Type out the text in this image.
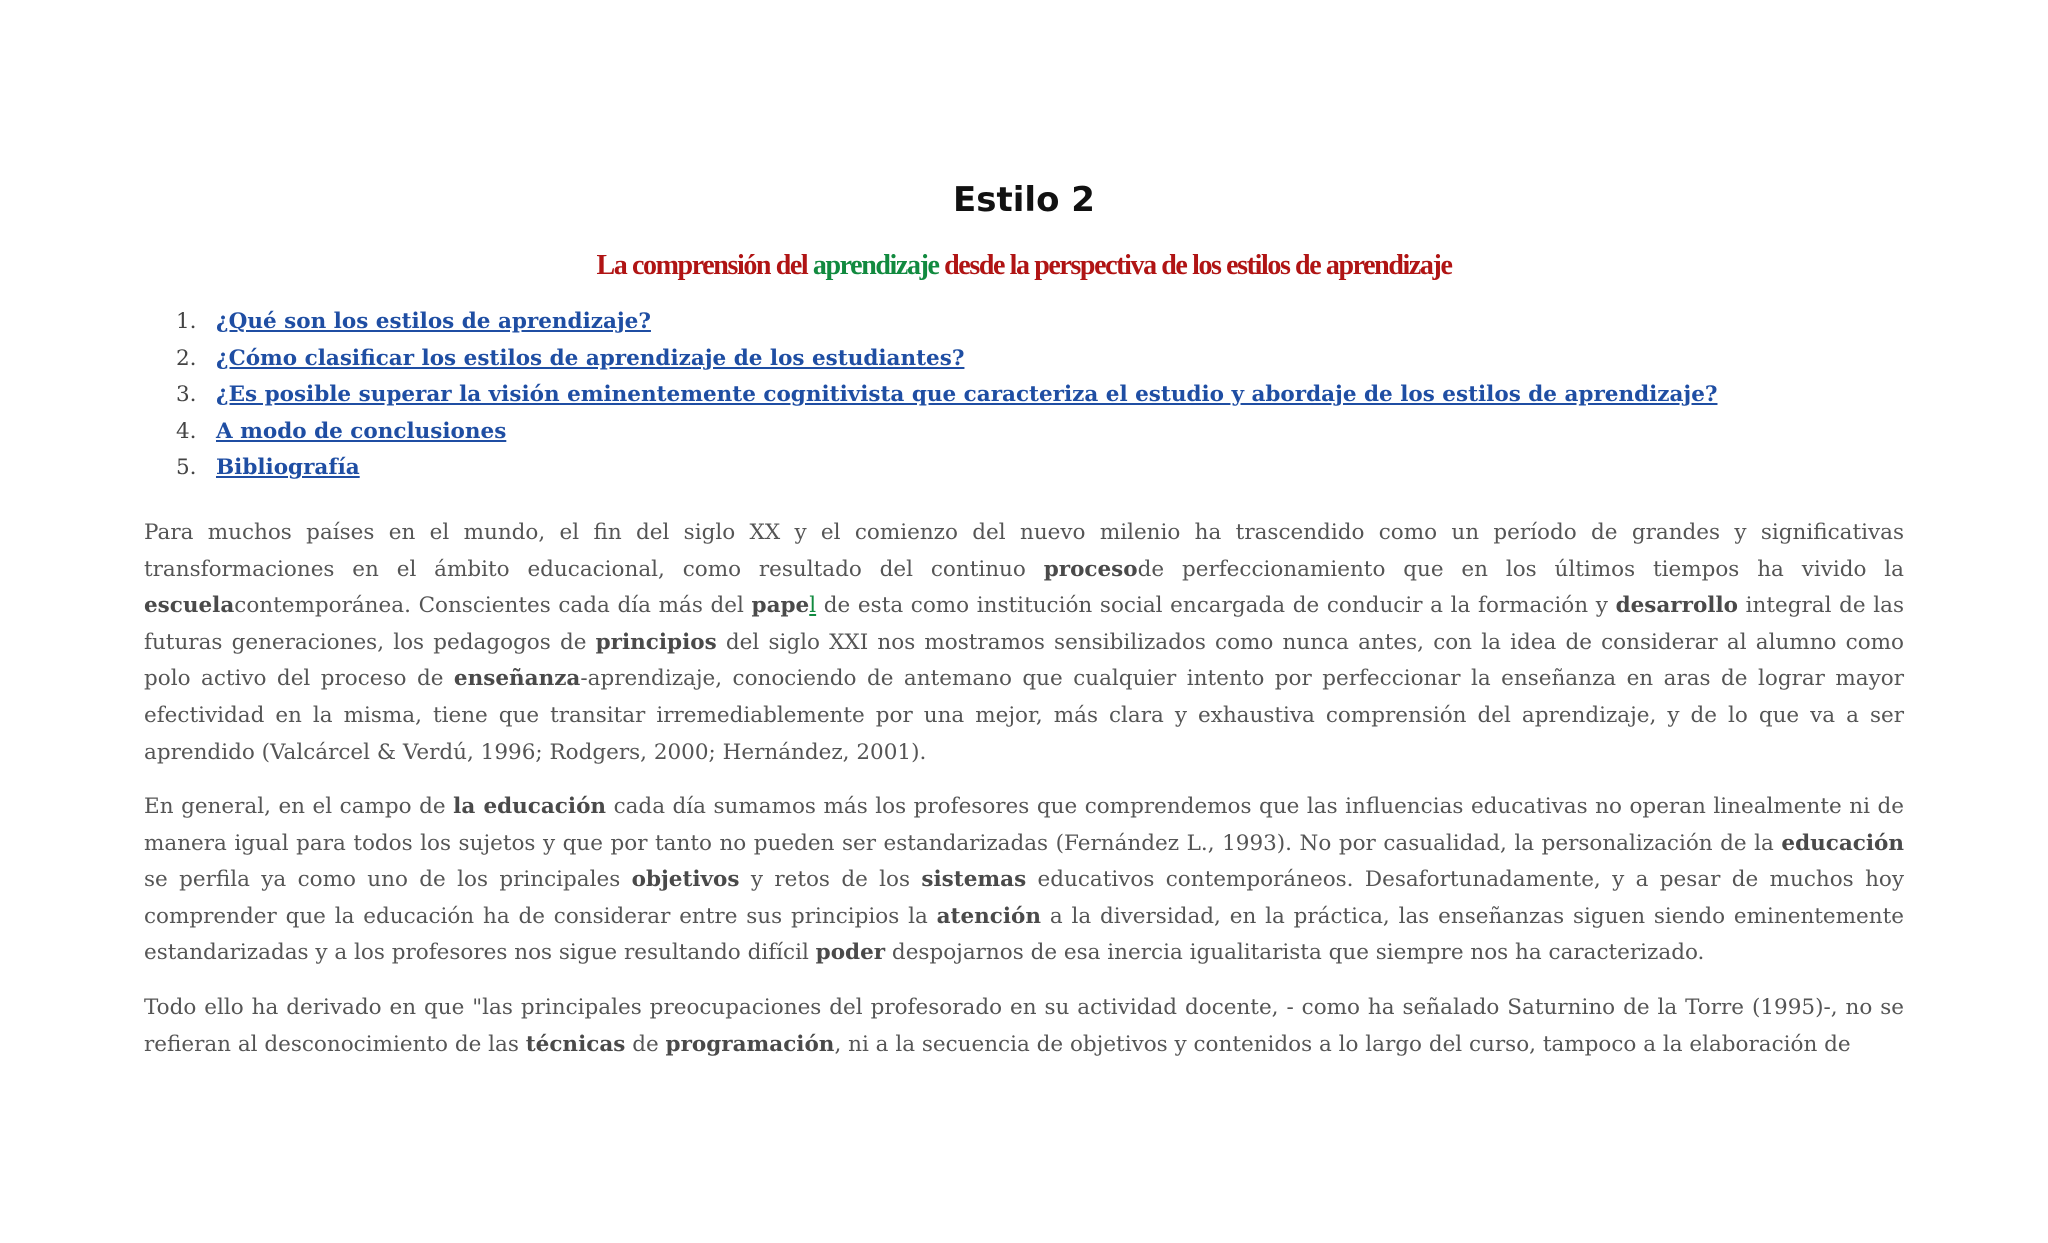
Estilo 2
La comprensión del aprendizaje desde la perspectiva de los estilos de aprendizaje
1. ¿Qué son los estilos de aprendizaje?
2. ¿Cómo clasificar los estilos de aprendizaje de los estudiantes?
3. ¿Es posible superar la visión eminentemente cognitivista que caracteriza el estudio y abordaje de los estilos de aprendizaje?
4. A modo de conclusiones
5. Bibliografía

Para muchos países en el mundo, el fin del siglo XX y el comienzo del nuevo milenio ha trascendido como un período de grandes y significativas transformaciones en el ámbito educacional, como resultado del continuo procesode perfeccionamiento que en los últimos tiempos ha vivido la escuelacontemporánea. Conscientes cada día más del papel de esta como institución social encargada de conducir a la formación y desarrollo integral de las futuras generaciones, los pedagogos de principios del siglo XXI nos mostramos sensibilizados como nunca antes, con la idea de considerar al alumno como polo activo del proceso de enseñanza-aprendizaje, conociendo de antemano que cualquier intento por perfeccionar la enseñanza en aras de lograr mayor efectividad en la misma, tiene que transitar irremediablemente por una mejor, más clara y exhaustiva comprensión del aprendizaje, y de lo que va a ser aprendido (Valcárcel & Verdú, 1996; Rodgers, 2000; Hernández, 2001).

En general, en el campo de la educación cada día sumamos más los profesores que comprendemos que las influencias educativas no operan linealmente ni de manera igual para todos los sujetos y que por tanto no pueden ser estandarizadas (Fernández L., 1993). No por casualidad, la personalización de la educación se perfila ya como uno de los principales objetivos y retos de los sistemas educativos contemporáneos. Desafortunadamente, y a pesar de muchos hoy comprender que la educación ha de considerar entre sus principios la atención a la diversidad, en la práctica, las enseñanzas siguen siendo eminentemente estandarizadas y a los profesores nos sigue resultando difícil poder despojarnos de esa inercia igualitarista que siempre nos ha caracterizado.

Todo ello ha derivado en que "las principales preocupaciones del profesorado en su actividad docente, - como ha señalado Saturnino de la Torre (1995)-, no se refieran al desconocimiento de las técnicas de programación, ni a la secuencia de objetivos y contenidos a lo largo del curso, tampoco a la elaboración de
